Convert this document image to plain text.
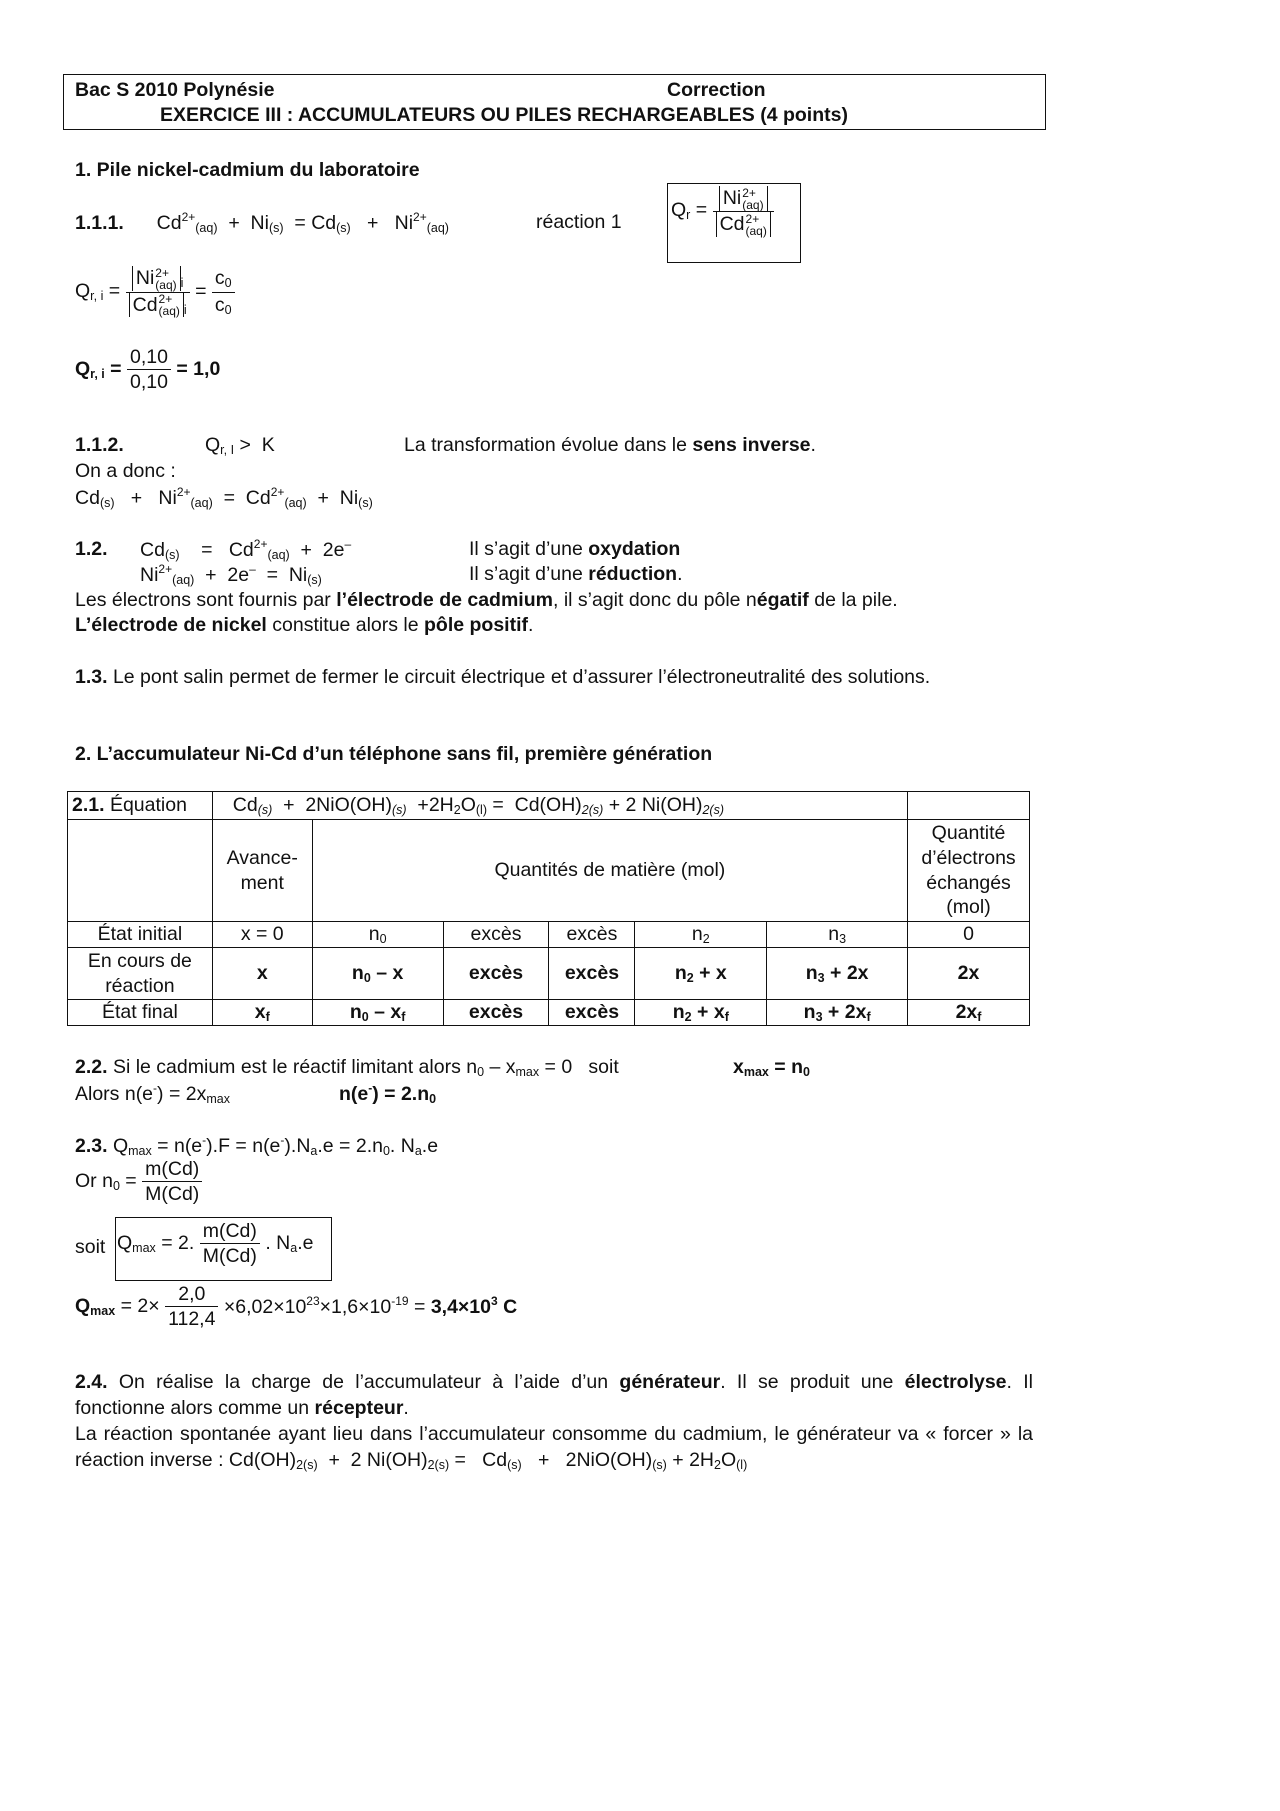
Bac S 2010 Polynésie	Correction
EXERCICE III : ACCUMULATEURS OU PILES RECHARGEABLES (4 points)
1. Pile nickel-cadmium du laboratoire
1.1.1. $Cd^{2+}(aq) + Ni(s) = Cd(s) + Ni^{2+}(aq)$	réaction 1
Qr = Ni 2+
(aq)
Cd 2+
(aq)
Qr, i = Ni 2+
(aq) i
Cd 2+
(aq) $i = \frac{c0}{c0}$
Qr, $i = \frac{0,10}{0,10} = 1,0$
1.1.2.	Qr, I >  K	La transformation évolue dans le sens inverse.
On a donc :
$Cd(s) + Ni^{2+}(aq) = Cd^{2+}(aq) + Ni(s)$
1.2. Cd(s)    =   $Cd^{2+}(aq) + 2e^-$	Il s’agit d’une oxydation
$Ni^{2+}(aq) + 2e^- = Ni(s)$	Il s’agit d’une réduction.
Les électrons sont fournis par l’électrode de cadmium, il s’agit donc du pôle négatif de la pile.
L’électrode de nickel constitue alors le pôle positif.
1.3. Le pont salin permet de fermer le circuit électrique et d’assurer l’électroneutralité des solutions.
2. L’accumulateur Ni-Cd d’un téléphone sans fil, première génération
2.1. Équation	Cd(s)  +  2NiO(OH)(s)  +2H2O(l) =  Cd(OH)2(s) + 2 Ni(OH)2(s)						
	Avance-ment	Quantités de matière (mol)					Quantité d’électrons échangés (mol)
État initial	x = 0	n0	excès	excès	n2	n3	0
En cours de réaction	x	n0 – x	excès	excès	n2 + x	n3 + 2x	2x
État final	xf	n0 – xf	excès	excès	n2 + xf	n3 + 2xf	2xf
2.2. Si le cadmium est le réactif limitant alors n0 – xmax = 0   soit	xmax = n0
Alors n(e-) = 2xmax	n(e-) = 2.n0
2.3. Qmax = n(e-).F = n(e-).Na.e = 2.n0. Na.e
Or $n0 = \frac{m(Cd)}{M(Cd)}$
soit Qmax = 2. $\frac{m(Cd)}{M(Cd)}$ . Na.e
$Qmax = 2\times \frac{2,0}{112,4} \times 6,02\times 10^{23}\times 1,6\times 10^{-19} = 3,4\times 10^3$ C
2.4. On réalise la charge de l’accumulateur à l’aide d’un générateur. Il se produit une électrolyse. Il fonctionne alors comme un récepteur.
La réaction spontanée ayant lieu dans l’accumulateur consomme du cadmium, le générateur va « forcer » la réaction inverse : Cd(OH)2(s)  +  2 Ni(OH)2(s) =   Cd(s)   +   2NiO(OH)(s) + 2H2O(l)
